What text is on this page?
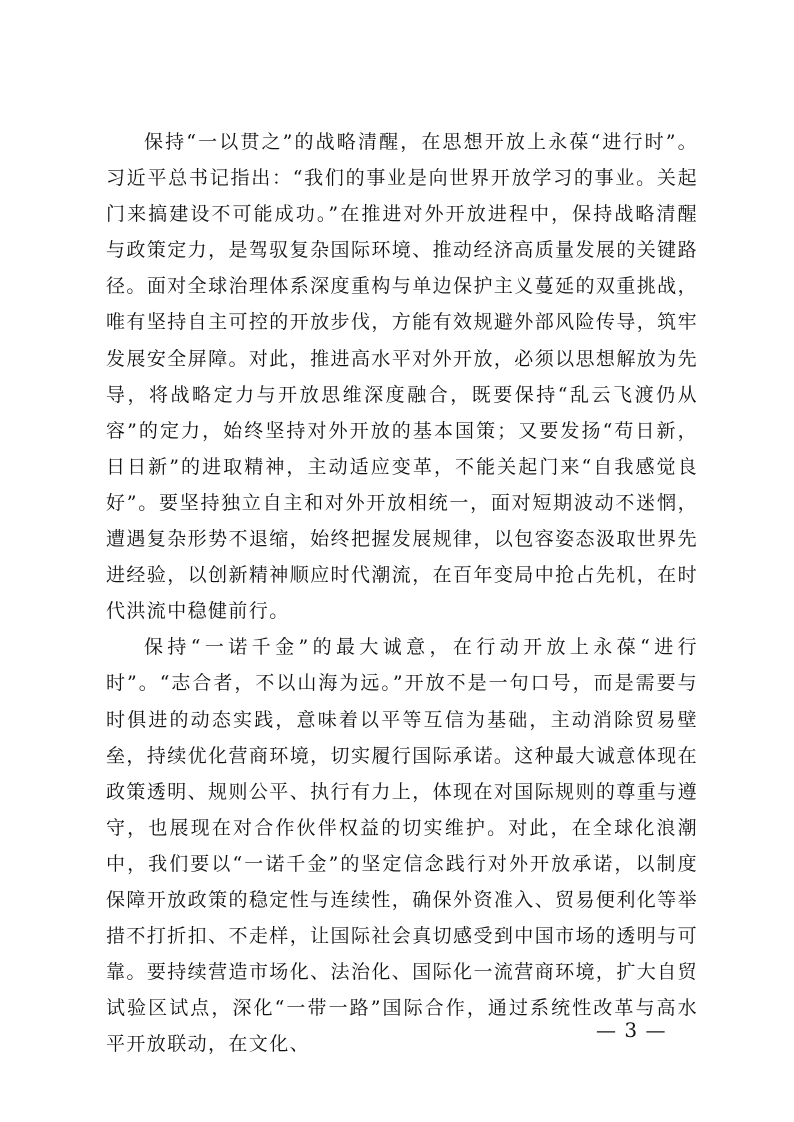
保持“一以贯之”的战略清醒，在思想开放上永葆“进行时”。习近平总书记指出：“我们的事业是向世界开放学习的事业。关起门来搞建设不可能成功。”在推进对外开放进程中，保持战略清醒与政策定力，是驾驭复杂国际环境、推动经济高质量发展的关键路径。面对全球治理体系深度重构与单边保护主义蔓延的双重挑战，唯有坚持自主可控的开放步伐，方能有效规避外部风险传导，筑牢发展安全屏障。对此，推进高水平对外开放，必须以思想解放为先导，将战略定力与开放思维深度融合，既要保持“乱云飞渡仍从容”的定力，始终坚持对外开放的基本国策；又要发扬“苟日新，日日新”的进取精神，主动适应变革，不能关起门来“自我感觉良好”。要坚持独立自主和对外开放相统一，面对短期波动不迷惘，遭遇复杂形势不退缩，始终把握发展规律，以包容姿态汲取世界先进经验，以创新精神顺应时代潮流，在百年变局中抢占先机，在时代洪流中稳健前行。

保持“一诺千金”的最大诚意，在行动开放上永葆“进行时”。“志合者，不以山海为远。”开放不是一句口号，而是需要与时俱进的动态实践，意味着以平等互信为基础，主动消除贸易壁垒，持续优化营商环境，切实履行国际承诺。这种最大诚意体现在政策透明、规则公平、执行有力上，体现在对国际规则的尊重与遵守，也展现在对合作伙伴权益的切实维护。对此，在全球化浪潮中，我们要以“一诺千金”的坚定信念践行对外开放承诺，以制度保障开放政策的稳定性与连续性，确保外资准入、贸易便利化等举措不打折扣、不走样，让国际社会真切感受到中国市场的透明与可靠。要持续营造市场化、法治化、国际化一流营商环境，扩大自贸试验区试点，深化“一带一路”国际合作，通过系统性改革与高水平开放联动，在文化、

— 3 —
